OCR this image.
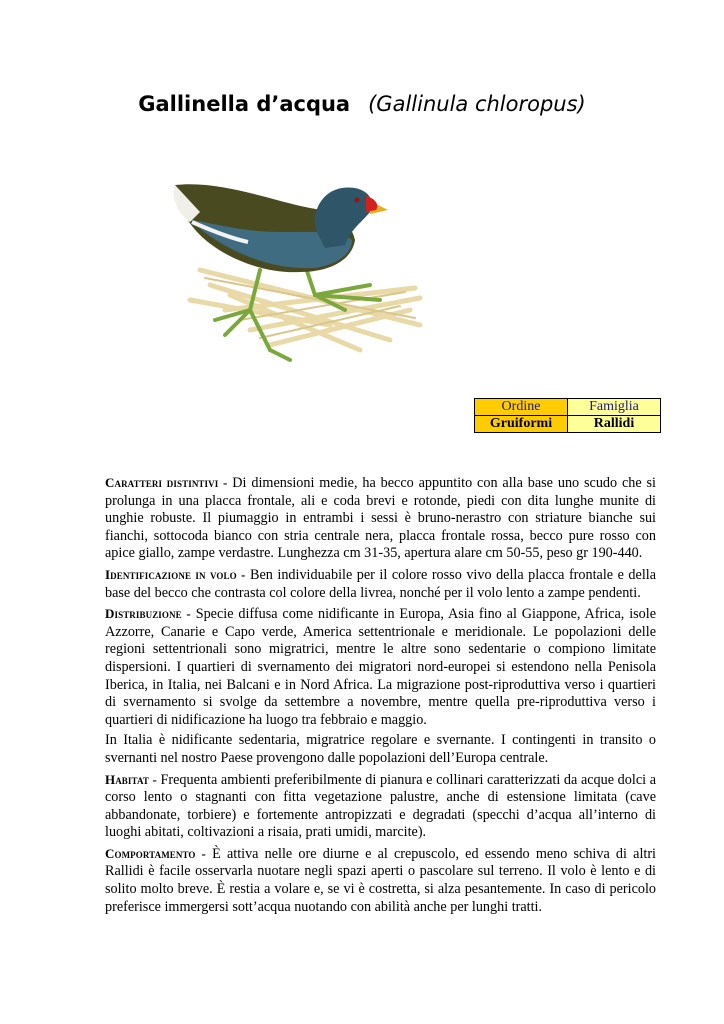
Gallinella d’acqua (Gallinula chloropus)
Ordine	Famiglia
Gruiformi	Rallidi

Caratteri distintivi - Di dimensioni medie, ha becco appuntito con alla base uno scudo che si prolunga in una placca frontale, ali e coda brevi e rotonde, piedi con dita lunghe munite di unghie robuste. Il piumaggio in entrambi i sessi è bruno-nerastro con striature bianche sui fianchi, sottocoda bianco con stria centrale nera, placca frontale rossa, becco pure rosso con apice giallo, zampe verdastre. Lunghezza cm 31-35, apertura alare cm 50-55, peso gr 190-440.

Identificazione in volo - Ben individuabile per il colore rosso vivo della placca frontale e della base del becco che contrasta col colore della livrea, nonché per il volo lento a zampe pendenti.

Distribuzione - Specie diffusa come nidificante in Europa, Asia fino al Giappone, Africa, isole Azzorre, Canarie e Capo verde, America settentrionale e meridionale. Le popolazioni delle regioni settentrionali sono migratrici, mentre le altre sono sedentarie o compiono limitate dispersioni. I quartieri di svernamento dei migratori nord-europei si estendono nella Penisola Iberica, in Italia, nei Balcani e in Nord Africa. La migrazione post-riproduttiva verso i quartieri di svernamento si svolge da settembre a novembre, mentre quella pre-riproduttiva verso i quartieri di nidificazione ha luogo tra febbraio e maggio.

In Italia è nidificante sedentaria, migratrice regolare e svernante. I contingenti in transito o svernanti nel nostro Paese provengono dalle popolazioni dell’Europa centrale.

Habitat - Frequenta ambienti preferibilmente di pianura e collinari caratterizzati da acque dolci a corso lento o stagnanti con fitta vegetazione palustre, anche di estensione limitata (cave abbandonate, torbiere) e fortemente antropizzati e degradati (specchi d’acqua all’interno di luoghi abitati, coltivazioni a risaia, prati umidi, marcite).

Comportamento - È attiva nelle ore diurne e al crepuscolo, ed essendo meno schiva di altri Rallidi è facile osservarla nuotare negli spazi aperti o pascolare sul terreno. Il volo è lento e di solito molto breve. È restia a volare e, se vi è costretta, si alza pesantemente. In caso di pericolo preferisce immergersi sott’acqua nuotando con abilità anche per lunghi tratti.
